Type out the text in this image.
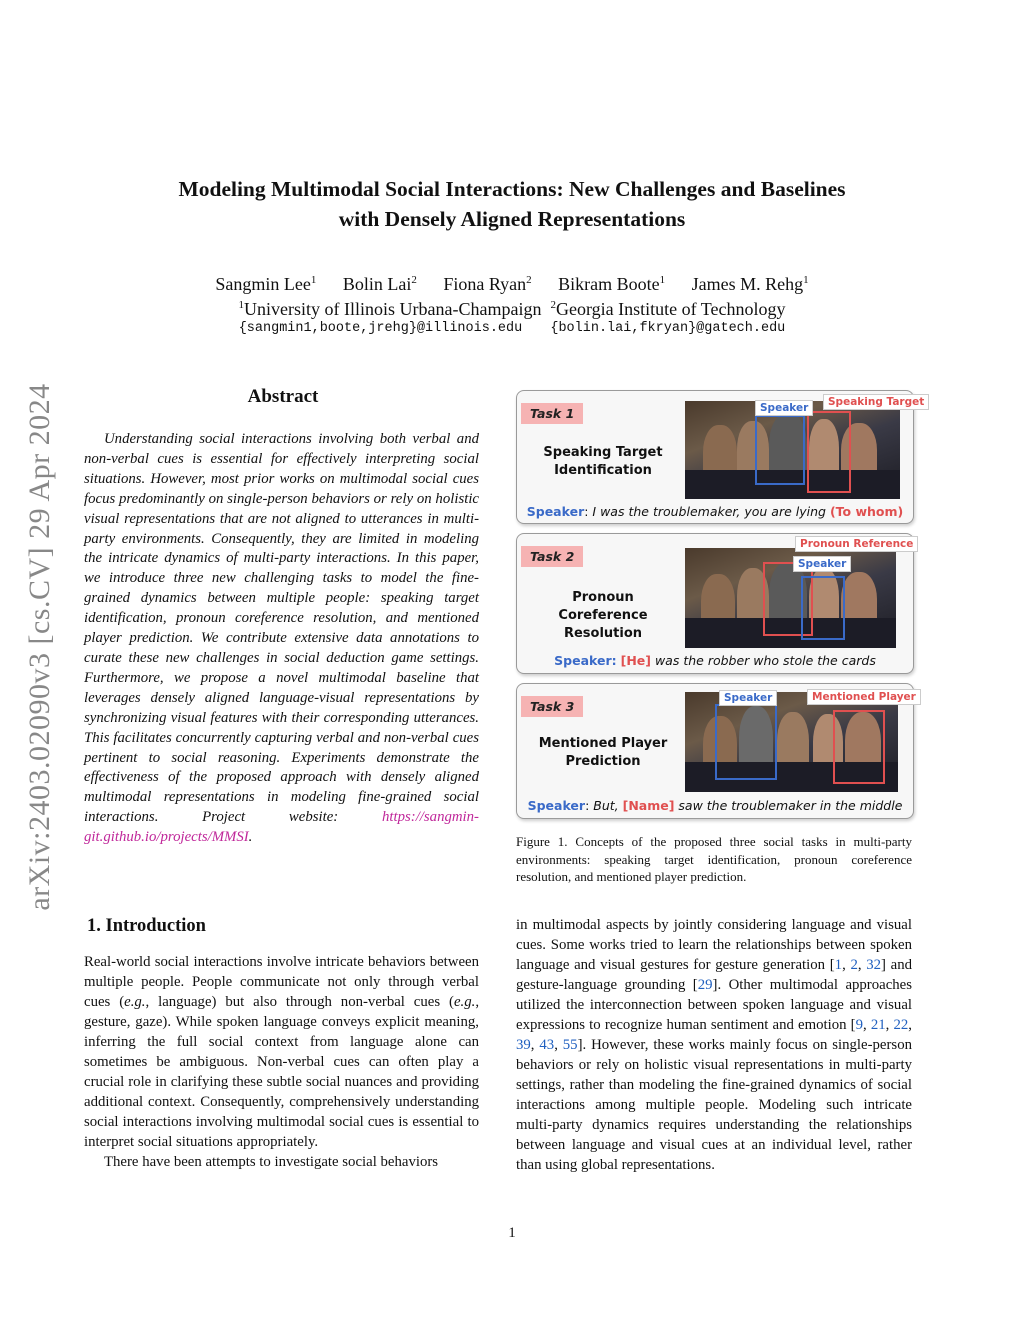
Modeling Multimodal Social Interactions: New Challenges and Baselines
with Densely Aligned Representations
Sangmin Lee$^1$ Bolin Lai$^2$ Fiona Ryan$^2$ Bikram Boote$^1$ James M. Rehg$^1$
$^1$University of Illinois Urbana-Champaign $^2$Georgia Institute of Technology
{sangmin1,boote,jrehg}@illinois.edu {bolin.lai,fkryan}@gatech.edu
arXiv:2403.02090v3 [cs.CV] 29 Apr 2024	Abstract

Understanding social interactions involving both verbal and non-verbal cues is essential for effectively interpreting social situations. However, most prior works on multimodal social cues focus predominantly on single-person behaviors or rely on holistic visual representations that are not aligned to utterances in multi-party environments. Consequently, they are limited in modeling the intricate dynamics of multi-party interactions. In this paper, we introduce three new challenging tasks to model the fine-grained dynamics between multiple people: speaking target identification, pronoun coreference resolution, and mentioned player prediction. We contribute extensive data annotations to curate these new challenges in social deduction game settings. Furthermore, we propose a novel multimodal baseline that leverages densely aligned language-visual representations by synchronizing visual features with their corresponding utterances. This facilitates concurrently capturing verbal and non-verbal cues pertinent to social reasoning. Experiments demonstrate the effectiveness of the proposed approach with densely aligned multimodal representations in modeling fine-grained social interactions. Project website: https://sangmin-git.github.io/projects/MMSI.

Task 1
Speaking Target Identification
Speaker	Speaking Target
Speaker: I was the troublemaker, you are lying (To whom)
Task 2
Pronoun Coreference Resolution
Pronoun Reference
Speaker
Speaker: [He] was the robber who stole the cards
Task 3
Mentioned Player Prediction
Speaker	Mentioned Player
Speaker: But, [Name] saw the troublemaker in the middle
Figure 1. Concepts of the proposed three social tasks in multi-party environments: speaking target identification, pronoun coreference resolution, and mentioned player prediction.
1. Introduction

Real-world social interactions involve intricate behaviors between multiple people. People communicate not only through verbal cues (e.g., language) but also through non-verbal cues (e.g., gesture, gaze). While spoken language conveys explicit meaning, inferring the full social context from language alone can sometimes be ambiguous. Non-verbal cues can often play a crucial role in clarifying these subtle social nuances and providing additional context. Consequently, comprehensively understanding social interactions involving multimodal social cues is essential to interpret social situations appropriately.

There have been attempts to investigate social behaviors

in multimodal aspects by jointly considering language and visual cues. Some works tried to learn the relationships between spoken language and visual gestures for gesture generation [1, 2, 32] and gesture-language grounding [29]. Other multimodal approaches utilized the interconnection between spoken language and visual expressions to recognize human sentiment and emotion [9, 21, 22, 39, 43, 55]. However, these works mainly focus on single-person behaviors or rely on holistic visual representations in multi-party settings, rather than modeling the fine-grained dynamics of social interactions among multiple people. Modeling such intricate multi-party dynamics requires understanding the relationships between language and visual cues at an individual level, rather than using global representations.

1
